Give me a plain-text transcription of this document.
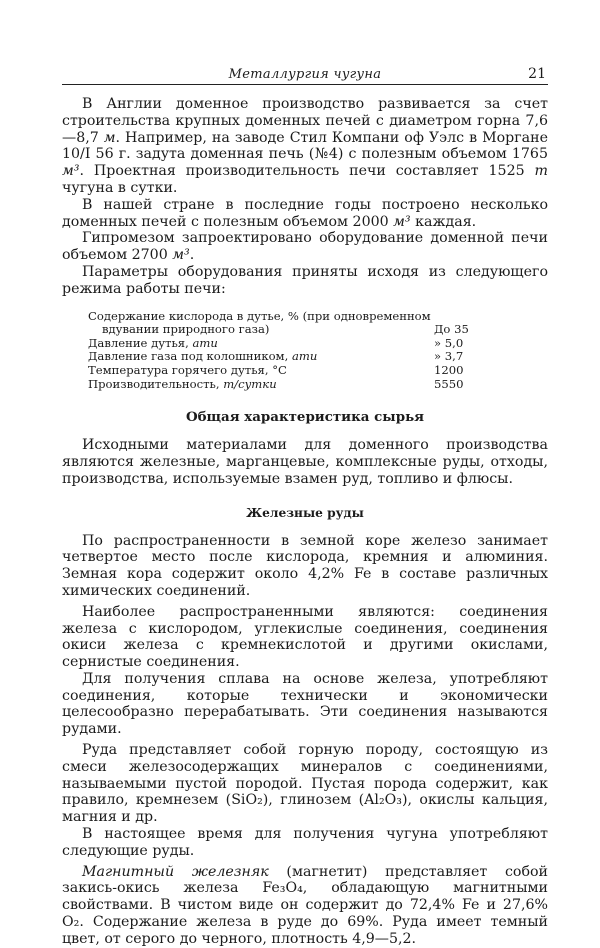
Металлургия чугуна	21

В Англии доменное производство развивается за счет строительства крупных доменных печей с диаметром горна 7,6—8,7 м. Например, на заводе Стил Компани оф Уэлс в Моргане 10/I 56 г. задута доменная печь (№4) с полезным объемом 1765 м³. Проектная производительность печи составляет 1525 т чугуна в сутки.

В нашей стране в последние годы построено несколько доменных печей с полезным объемом 2000 м³ каждая.

Гипромезом запроектировано оборудование доменной печи объемом 2700 м³.

Параметры оборудования приняты исходя из следующего режима работы печи:

Содержание кислорода в дутье, % (при одновременном
вдувании природного газа)	До 35
Давление дутья, ати	» 5,0
Давление газа под колошником, ати	» 3,7
Температура горячего дутья, °С	1200
Производительность, т/сутки	5550
Общая характеристика сырья

Исходными материалами для доменного производства являются железные, марганцевые, комплексные руды, отходы, производства, используемые взамен руд, топливо и флюсы.

Железные руды

По распространенности в земной коре железо занимает четвертое место после кислорода, кремния и алюминия. Земная кора содержит около 4,2% Fe в составе различных химических соединений.

Наиболее распространенными являются: соединения железа с кислородом, углекислые соединения, соединения окиси железа с кремнекислотой и другими окислами, сернистые соединения.

Для получения сплава на основе железа, употребляют соединения, которые технически и экономически целесообразно перерабатывать. Эти соединения называются рудами.

Руда представляет собой горную породу, состоящую из смеси железосодержащих минералов с соединениями, называемыми пустой породой. Пустая порода содержит, как правило, кремнезем (SiO₂), глинозем (Al₂O₃), окислы кальция, магния и др.

В настоящее время для получения чугуна употребляют следующие руды.

Магнитный железняк (магнетит) представляет собой закись-окись железа Fe₃O₄, обладающую магнитными свойствами. В чистом виде он содержит до 72,4% Fe и 27,6% O₂. Содержание железа в руде до 69%. Руда имеет темный цвет, от серого до черного, плотность 4,9—5,2.
